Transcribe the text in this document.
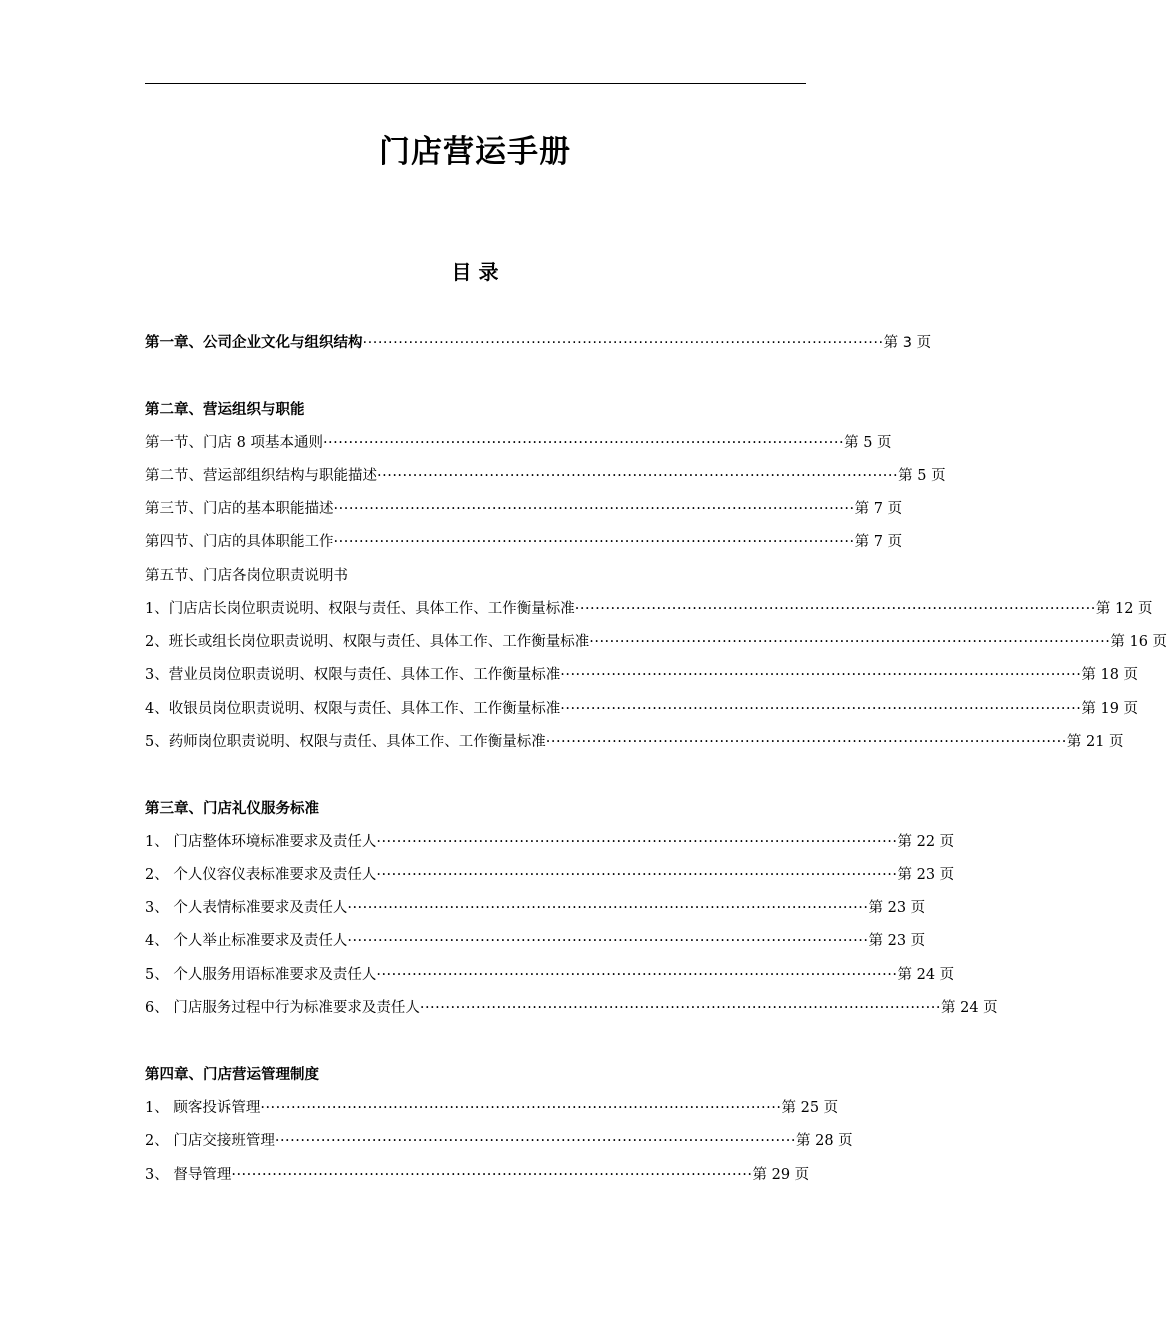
门店营运手册
目 录
第一章、公司企业文化与组织结构 ······································································································ 第 3 页
第二章、营运组织与职能
第一节、门店 8 项基本通则 ······································································································ 第 5 页
第二节、营运部组织结构与职能描述 ······································································································ 第 5 页
第三节、门店的基本职能描述 ······································································································ 第 7 页
第四节、门店的具体职能工作 ······································································································ 第 7 页
第五节、门店各岗位职责说明书
1、门店店长岗位职责说明、权限与责任、具体工作、工作衡量标准 ······································································································ 第 12 页
2、班长或组长岗位职责说明、权限与责任、具体工作、工作衡量标准 ······································································································ 第 16 页
3、营业员岗位职责说明、权限与责任、具体工作、工作衡量标准 ······································································································ 第 18 页
4、收银员岗位职责说明、权限与责任、具体工作、工作衡量标准 ······································································································ 第 19 页
5、药师岗位职责说明、权限与责任、具体工作、工作衡量标准 ······································································································ 第 21 页
第三章、门店礼仪服务标准
1、 门店整体环境标准要求及责任人 ······································································································ 第 22 页
2、 个人仪容仪表标准要求及责任人 ······································································································ 第 23 页
3、 个人表情标准要求及责任人 ······································································································ 第 23 页
4、 个人举止标准要求及责任人 ······································································································ 第 23 页
5、 个人服务用语标准要求及责任人 ······································································································ 第 24 页
6、 门店服务过程中行为标准要求及责任人 ······································································································ 第 24 页
第四章、门店营运管理制度
1、 顾客投诉管理 ······································································································ 第 25 页
2、 门店交接班管理 ······································································································ 第 28 页
3、 督导管理 ······································································································ 第 29 页
